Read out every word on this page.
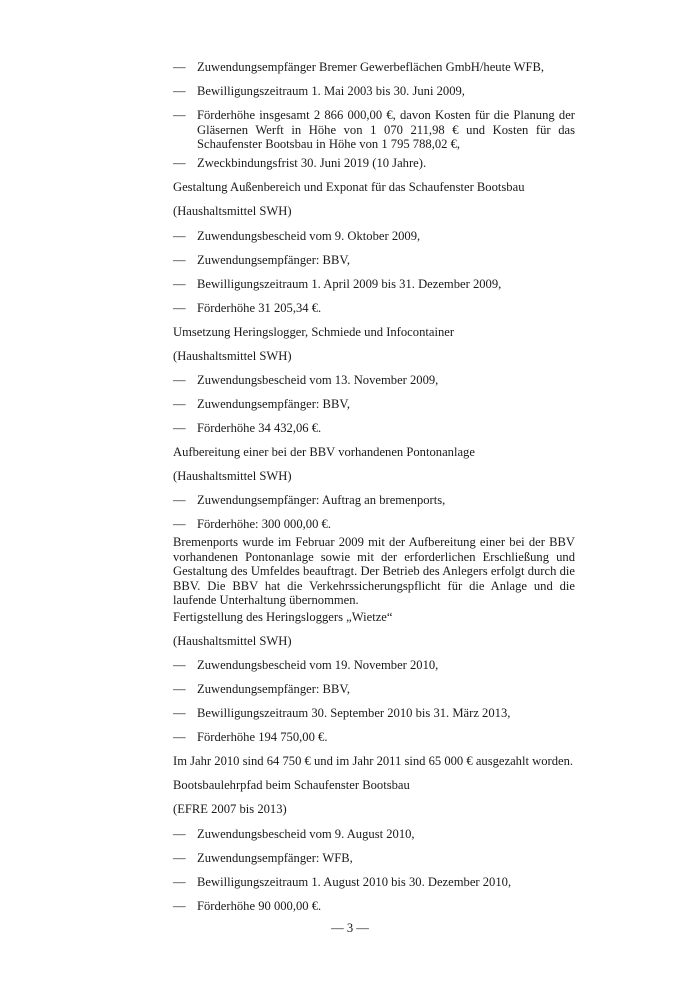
— Zuwendungsempfänger Bremer Gewerbeflächen GmbH/heute WFB,
— Bewilligungszeitraum 1. Mai 2003 bis 30. Juni 2009,
— Förderhöhe insgesamt 2 866 000,00 €, davon Kosten für die Planung der Gläsernen Werft in Höhe von 1 070 211,98 € und Kosten für das Schaufenster Bootsbau in Höhe von 1 795 788,02 €,
— Zweckbindungsfrist 30. Juni 2019 (10 Jahre).
Gestaltung Außenbereich und Exponat für das Schaufenster Bootsbau
(Haushaltsmittel SWH)
— Zuwendungsbescheid vom 9. Oktober 2009,
— Zuwendungsempfänger: BBV,
— Bewilligungszeitraum 1. April 2009 bis 31. Dezember 2009,
— Förderhöhe 31 205,34 €.
Umsetzung Heringslogger, Schmiede und Infocontainer
(Haushaltsmittel SWH)
— Zuwendungsbescheid vom 13. November 2009,
— Zuwendungsempfänger: BBV,
— Förderhöhe 34 432,06 €.
Aufbereitung einer bei der BBV vorhandenen Pontonanlage
(Haushaltsmittel SWH)
— Zuwendungsempfänger: Auftrag an bremenports,
— Förderhöhe: 300 000,00 €.
Bremenports wurde im Februar 2009 mit der Aufbereitung einer bei der BBV vorhandenen Pontonanlage sowie mit der erforderlichen Erschließung und Gestaltung des Umfeldes beauftragt. Der Betrieb des Anlegers erfolgt durch die BBV. Die BBV hat die Verkehrssicherungspflicht für die Anlage und die laufende Unterhaltung übernommen.
Fertigstellung des Heringsloggers „Wietze“
(Haushaltsmittel SWH)
— Zuwendungsbescheid vom 19. November 2010,
— Zuwendungsempfänger: BBV,
— Bewilligungszeitraum 30. September 2010 bis 31. März 2013,
— Förderhöhe 194 750,00 €.
Im Jahr 2010 sind 64 750 € und im Jahr 2011 sind 65 000 € ausgezahlt worden.
Bootsbaulehrpfad beim Schaufenster Bootsbau
(EFRE 2007 bis 2013)
— Zuwendungsbescheid vom 9. August 2010,
— Zuwendungsempfänger: WFB,
— Bewilligungszeitraum 1. August 2010 bis 30. Dezember 2010,
— Förderhöhe 90 000,00 €.
— 3 —
